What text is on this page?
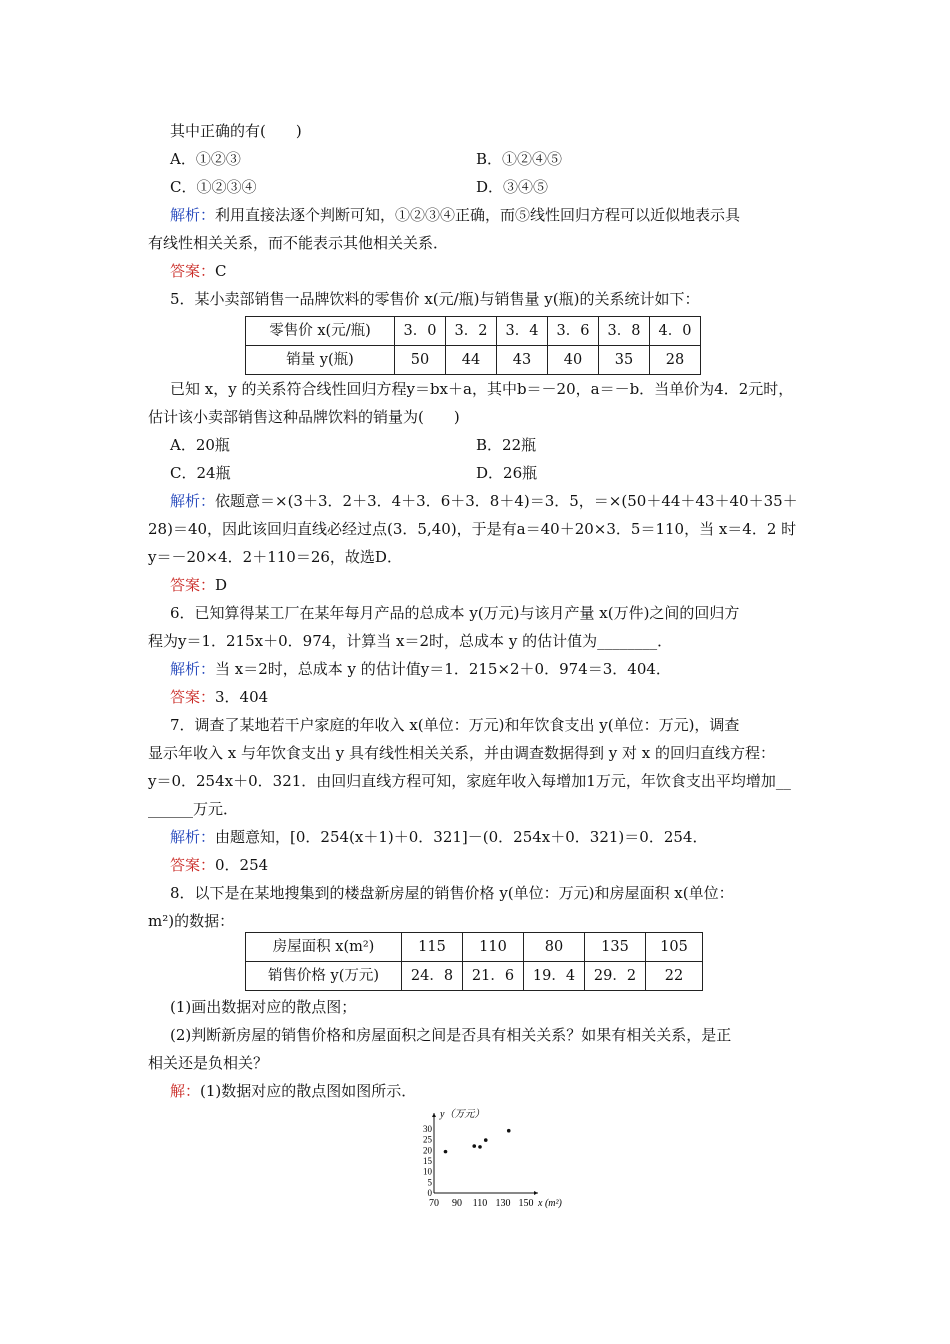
其中正确的有(　　)
A．①②③	B．①②④⑤
C．①②③④	D．③④⑤
解析：利用直接法逐个判断可知，①②③④正确，而⑤线性回归方程可以近似地表示具
有线性相关关系，而不能表示其他相关关系．
答案：C
5．某小卖部销售一品牌饮料的零售价 x(元/瓶)与销售量 y(瓶)的关系统计如下：
零售价 x(元/瓶)	3．0	3．2	3．4	3．6	3．8	4．0
销量 y(瓶)	50	44	43	40	35	28
已知 x，y 的关系符合线性回归方程y＝bx＋a，其中b＝－20，a＝－b．当单价为4．2元时，
估计该小卖部销售这种品牌饮料的销量为(　　)
A．20瓶	B．22瓶
C．24瓶	D．26瓶
解析：依题意＝×(3＋3．2＋3．4＋3．6＋3．8＋4)＝3．5，＝×(50＋44＋43＋40＋35＋
28)＝40，因此该回归直线必经过点(3．5,40)，于是有a＝40＋20×3．5＝110，当 x＝4．2 时
y＝－20×4．2＋110＝26，故选D．
答案：D
6．已知算得某工厂在某年每月产品的总成本 y(万元)与该月产量 x(万件)之间的回归方
程为y＝1．215x＋0．974，计算当 x＝2时，总成本 y 的估计值为________．
解析：当 x＝2时，总成本 y 的估计值y＝1．215×2＋0．974＝3．404．
答案：3．404
7．调查了某地若干户家庭的年收入 x(单位：万元)和年饮食支出 y(单位：万元)，调查
显示年收入 x 与年饮食支出 y 具有线性相关关系，并由调查数据得到 y 对 x 的回归直线方程：
y＝0．254x＋0．321．由回归直线方程可知，家庭年收入每增加1万元，年饮食支出平均增加__
______万元．
解析：由题意知，[0．254(x＋1)＋0．321]－(0．254x＋0．321)＝0．254．
答案：0．254
8．以下是在某地搜集到的楼盘新房屋的销售价格 y(单位：万元)和房屋面积 x(单位：
m²)的数据：
房屋面积 x(m²)	115	110	80	135	105
销售价格 y(万元)	24．8	21．6	19．4	29．2	22
(1)画出数据对应的散点图；
(2)判断新房屋的销售价格和房屋面积之间是否具有相关关系？如果有相关关系，是正
相关还是负相关？
解：(1)数据对应的散点图如图所示．
70 90 110 130 150
0
5
10
15
20
25
30
y（万元）
x (m²)
